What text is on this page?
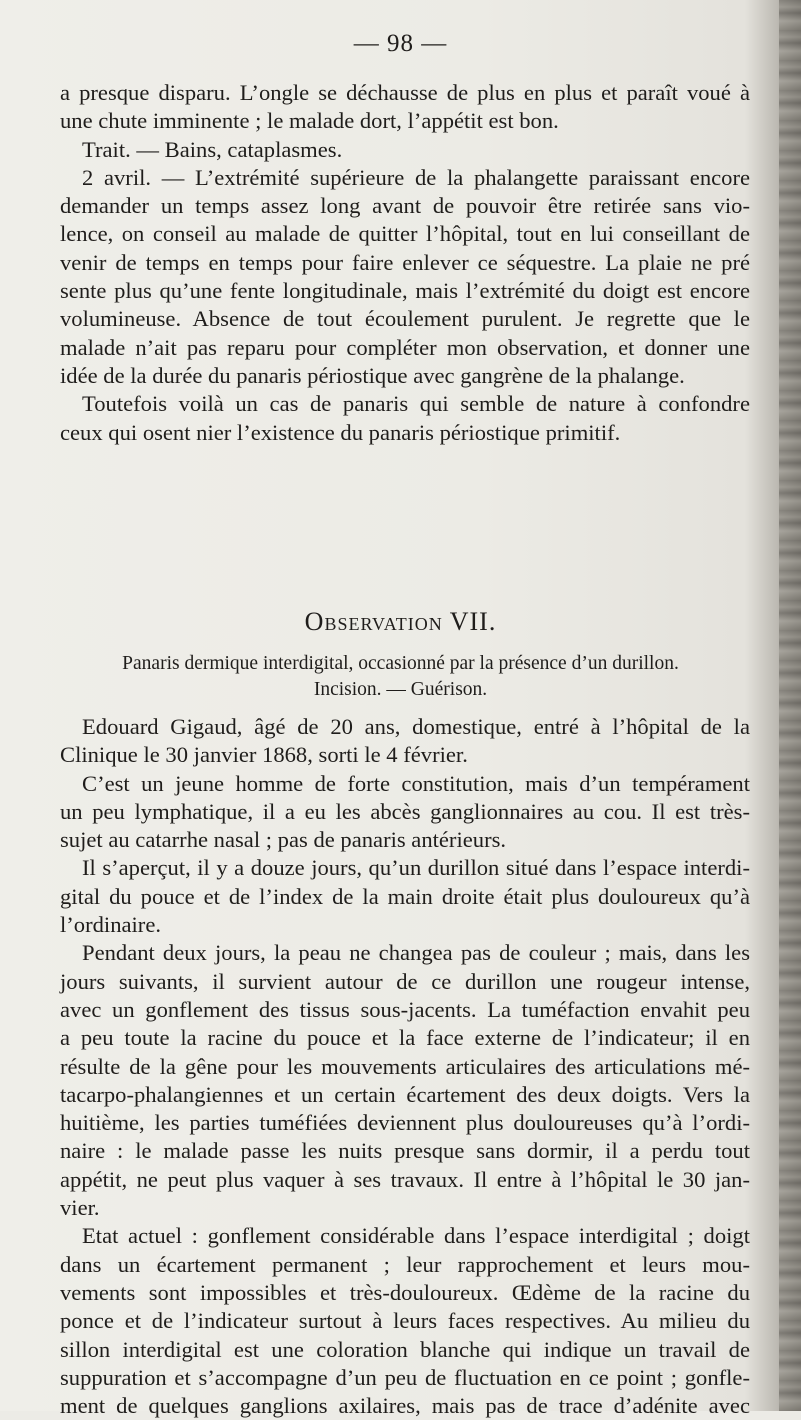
— 98 —
a presque disparu. L’ongle se déchausse de plus en plus et paraît voué à
une chute imminente ; le malade dort, l’appétit est bon.
Trait. — Bains, cataplasmes.
2 avril. — L’extrémité supérieure de la phalangette paraissant encore
demander un temps assez long avant de pouvoir être retirée sans vio-
lence, on conseil au malade de quitter l’hôpital, tout en lui conseillant de
venir de temps en temps pour faire enlever ce séquestre. La plaie ne pré
sente plus qu’une fente longitudinale, mais l’extrémité du doigt est encore
volumineuse. Absence de tout écoulement purulent. Je regrette que le
malade n’ait pas reparu pour compléter mon observation, et donner une
idée de la durée du panaris périostique avec gangrène de la phalange.
Toutefois voilà un cas de panaris qui semble de nature à confondre
ceux qui osent nier l’existence du panaris périostique primitif.
Observation VII.
Panaris dermique interdigital, occasionné par la présence d’un durillon.
Incision. — Guérison.
Edouard Gigaud, âgé de 20 ans, domestique, entré à l’hôpital de la
Clinique le 30 janvier 1868, sorti le 4 février.
C’est un jeune homme de forte constitution, mais d’un tempérament
un peu lymphatique, il a eu les abcès ganglionnaires au cou. Il est très-
sujet au catarrhe nasal ; pas de panaris antérieurs.
Il s’aperçut, il y a douze jours, qu’un durillon situé dans l’espace interdi-
gital du pouce et de l’index de la main droite était plus douloureux qu’à
l’ordinaire.
Pendant deux jours, la peau ne changea pas de couleur ; mais, dans les
jours suivants, il survient autour de ce durillon une rougeur intense,
avec un gonflement des tissus sous-jacents. La tuméfaction envahit peu
a peu toute la racine du pouce et la face externe de l’indicateur; il en
résulte de la gêne pour les mouvements articulaires des articulations mé-
tacarpo-phalangiennes et un certain écartement des deux doigts. Vers la
huitième, les parties tuméfiées deviennent plus douloureuses qu’à l’ordi-
naire : le malade passe les nuits presque sans dormir, il a perdu tout
appétit, ne peut plus vaquer à ses travaux. Il entre à l’hôpital le 30 jan-
vier.
Etat actuel : gonflement considérable dans l’espace interdigital ; doigt
dans un écartement permanent ; leur rapprochement et leurs mou-
vements sont impossibles et très-douloureux. Œdème de la racine du
ponce et de l’indicateur surtout à leurs faces respectives. Au milieu du
sillon interdigital est une coloration blanche qui indique un travail de
suppuration et s’accompagne d’un peu de fluctuation en ce point ; gonfle-
ment de quelques ganglions axilaires, mais pas de trace d’adénite avec
